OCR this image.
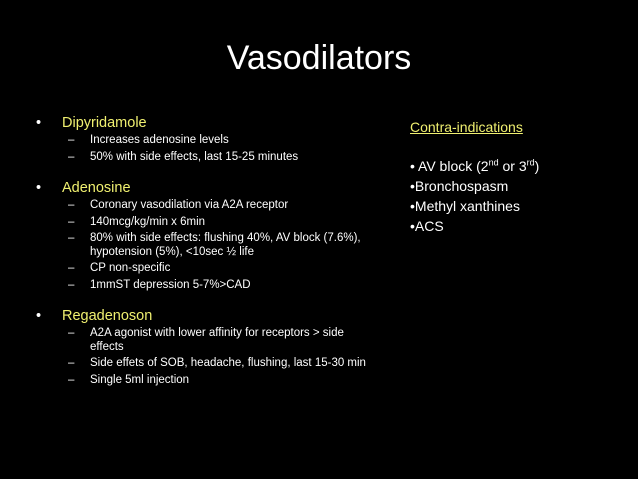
Vasodilators
• Dipyridamole
– Increases adenosine levels
– 50% with side effects, last 15-25 minutes
• Adenosine
– Coronary vasodilation via A2A receptor
– 140mcg/kg/min x 6min
– 80% with side effects: flushing 40%, AV block (7.6%), hypotension (5%), <10sec ½ life
– CP non-specific
– 1mmST depression 5-7%>CAD
• Regadenoson
– A2A agonist with lower affinity for receptors > side effects
– Side effets of SOB, headache, flushing, last 15-30 min
– Single 5ml injection
Contra-indications
• AV block (2nd or 3rd)
•Bronchospasm
•Methyl xanthines
•ACS
